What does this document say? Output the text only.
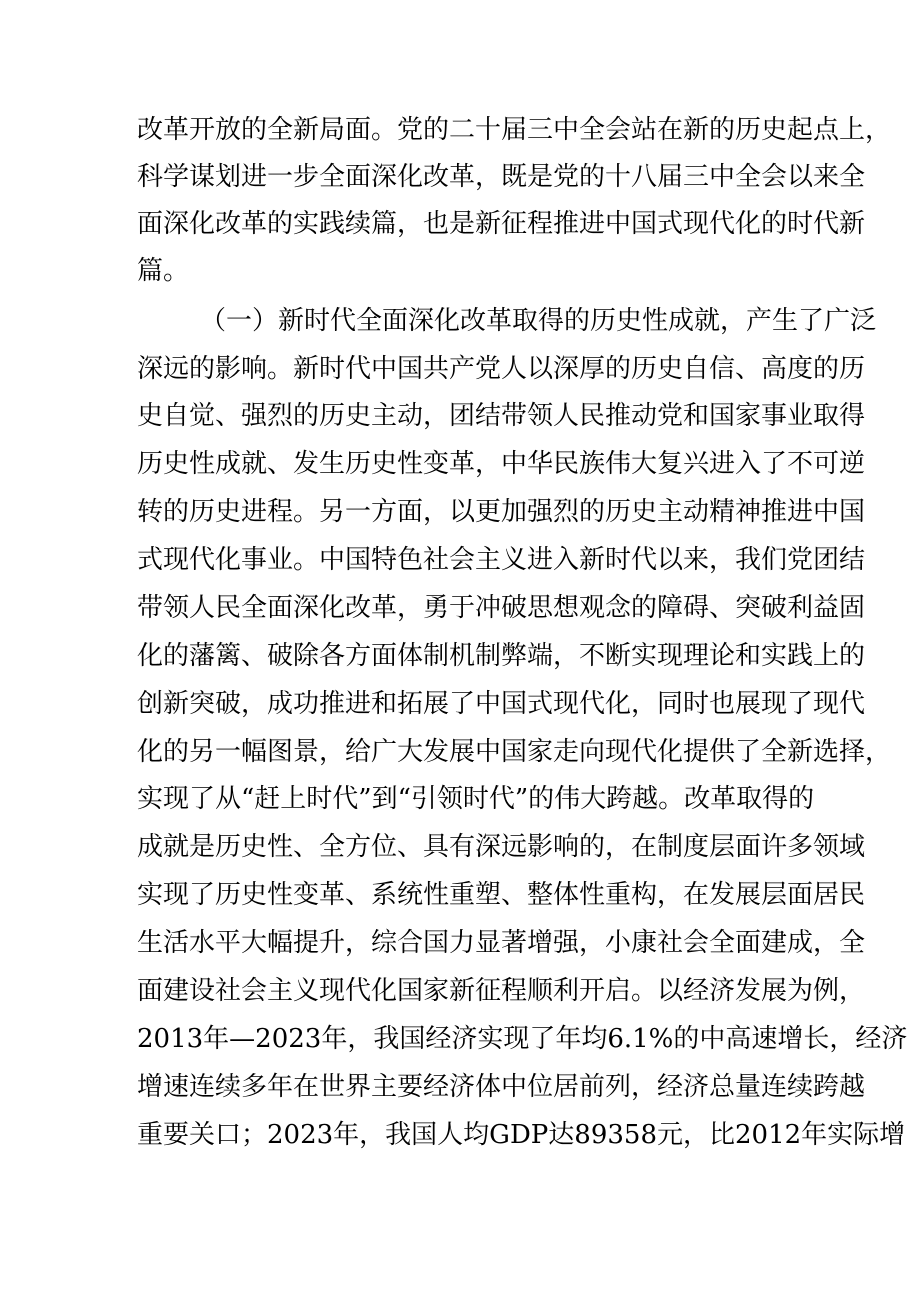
改革开放的全新局面。党的二十届三中全会站在新的历史起点上，
科学谋划进一步全面深化改革，既是党的十八届三中全会以来全
面深化改革的实践续篇，也是新征程推进中国式现代化的时代新
篇。
（一）新时代全面深化改革取得的历史性成就，产生了广泛
深远的影响。新时代中国共产党人以深厚的历史自信、高度的历
史自觉、强烈的历史主动，团结带领人民推动党和国家事业取得
历史性成就、发生历史性变革，中华民族伟大复兴进入了不可逆
转的历史进程。另一方面，以更加强烈的历史主动精神推进中国
式现代化事业。中国特色社会主义进入新时代以来，我们党团结
带领人民全面深化改革，勇于冲破思想观念的障碍、突破利益固
化的藩篱、破除各方面体制机制弊端，不断实现理论和实践上的
创新突破，成功推进和拓展了中国式现代化，同时也展现了现代
化的另一幅图景，给广大发展中国家走向现代化提供了全新选择，
实现了从“赶上时代”到“引领时代”的伟大跨越。改革取得的
成就是历史性、全方位、具有深远影响的，在制度层面许多领域
实现了历史性变革、系统性重塑、整体性重构，在发展层面居民
生活水平大幅提升，综合国力显著增强，小康社会全面建成，全
面建设社会主义现代化国家新征程顺利开启。以经济发展为例，
2013年—2023年，我国经济实现了年均6.1%的中高速增长，经济
增速连续多年在世界主要经济体中位居前列，经济总量连续跨越
重要关口；2023年，我国人均GDP达89358元，比2012年实际增
